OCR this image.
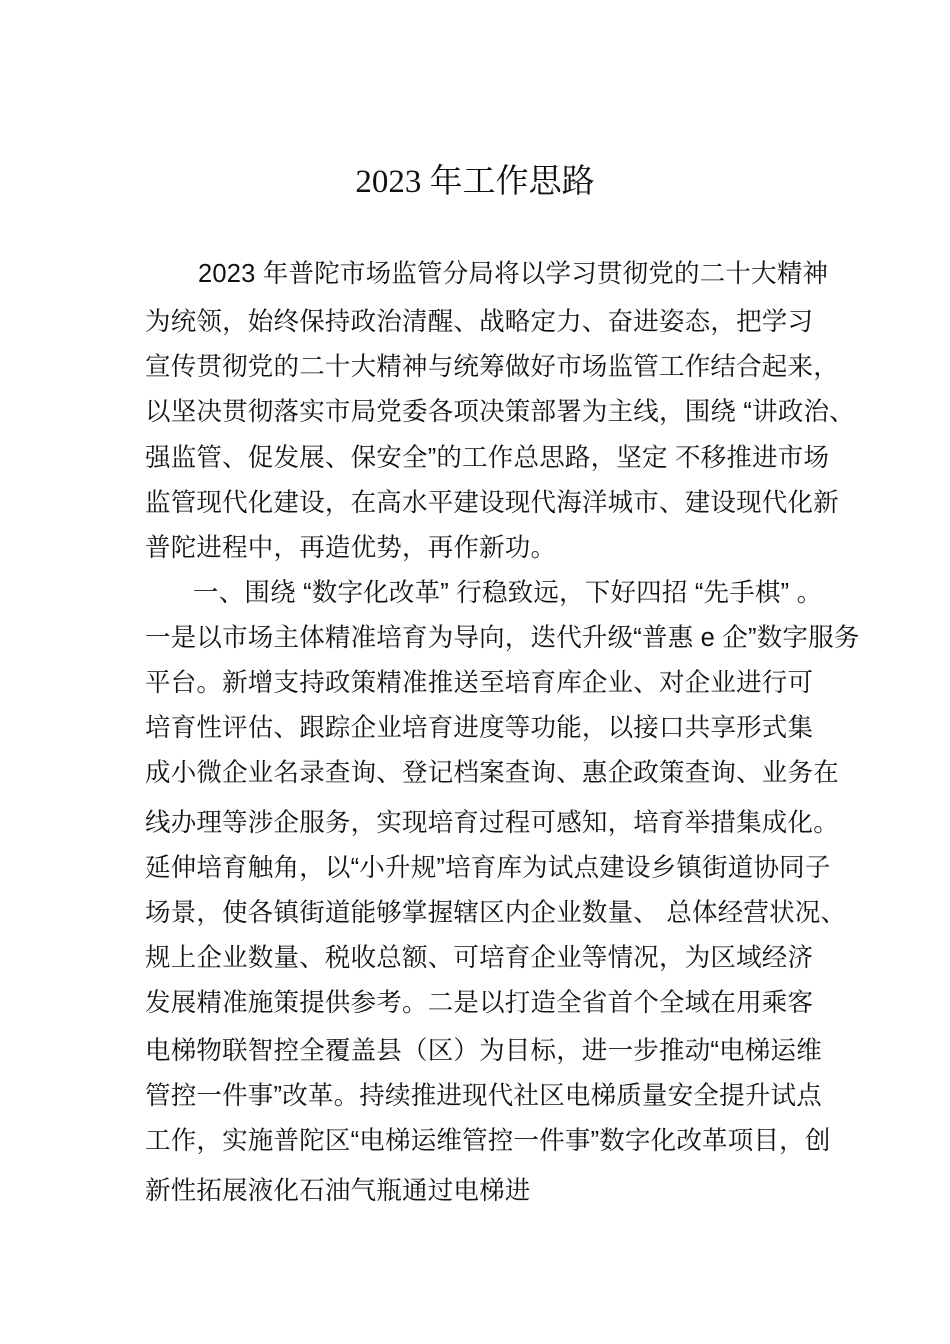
2023 年工作思路
2023 年普陀市场监管分局将以学习贯彻党的二十大精神
为统领，始终保持政治清醒、战略定力、奋进姿态，把学习
宣传贯彻党的二十大精神与统筹做好市场监管工作结合起来，
以坚决贯彻落实市局党委各项决策部署为主线，围绕 “讲政治、
强监管、促发展、保安全”的工作总思路，坚定 不移推进市场
监管现代化建设，在高水平建设现代海洋城市、建设现代化新
普陀进程中，再造优势，再作新功。
一、围绕 “数字化改革” 行稳致远，下好四招 “先手棋” 。
一是以市场主体精准培育为导向，迭代升级“普惠 e 企”数字服务
平台。新增支持政策精准推送至培育库企业、对企业进行可
培育性评估、跟踪企业培育进度等功能，以接口共享形式集
成小微企业名录查询、登记档案查询、惠企政策查询、业务在
线办理等涉企服务，实现培育过程可感知，培育举措集成化。
延伸培育触角，以“小升规”培育库为试点建设乡镇街道协同子
场景，使各镇街道能够掌握辖区内企业数量、 总体经营状况、
规上企业数量、税收总额、可培育企业等情况，为区域经济
发展精准施策提供参考。二是以打造全省首个全域在用乘客
电梯物联智控全覆盖县（区）为目标，进一步推动“电梯运维
管控一件事”改革。持续推进现代社区电梯质量安全提升试点
工作，实施普陀区“电梯运维管控一件事”数字化改革项目，创
新性拓展液化石油气瓶通过电梯进
